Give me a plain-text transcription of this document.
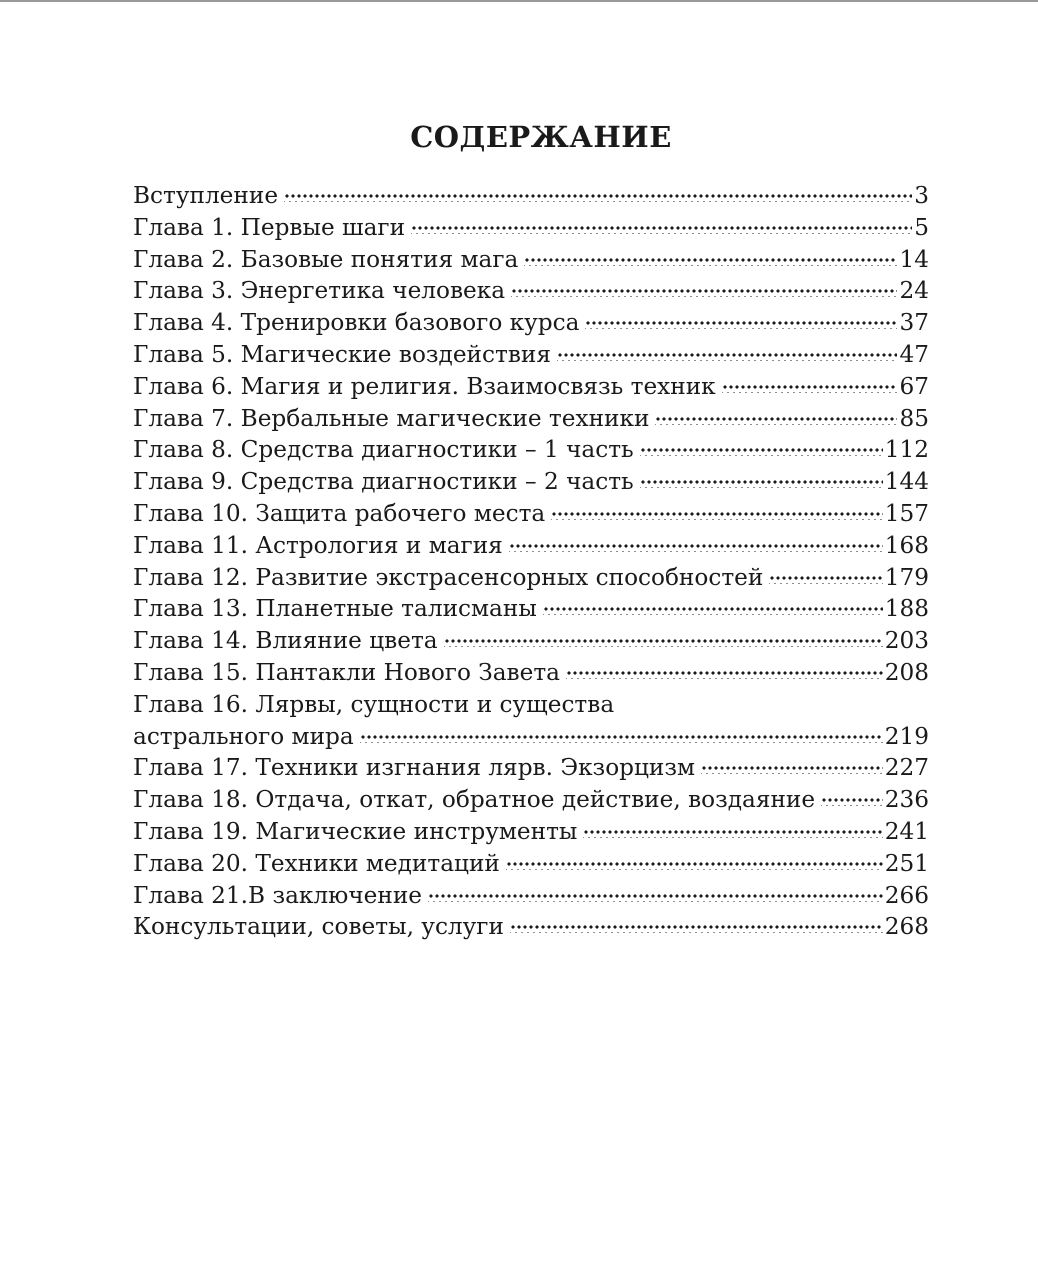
СОДЕРЖАНИЕ
Вступление	3
Глава 1. Первые шаги	5
Глава 2. Базовые понятия мага	14
Глава 3. Энергетика человека	24
Глава 4. Тренировки базового курса	37
Глава 5. Магические воздействия	47
Глава 6. Магия и религия. Взаимосвязь техник	67
Глава 7. Вербальные магические техники	85
Глава 8. Средства диагностики – 1 часть	112
Глава 9. Средства диагностики – 2 часть	144
Глава 10. Защита рабочего места	157
Глава 11. Астрология и магия	168
Глава 12. Развитие экстрасенсорных способностей	179
Глава 13. Планетные талисманы	188
Глава 14. Влияние цвета	203
Глава 15. Пантакли Нового Завета	208
Глава 16. Лярвы, сущности и существа
астрального мира	219
Глава 17. Техники изгнания лярв. Экзорцизм	227
Глава 18. Отдача, откат, обратное действие, воздаяние	236
Глава 19. Магические инструменты	241
Глава 20. Техники медитаций	251
Глава 21.В заключение	266
Консультации, советы, услуги	268
